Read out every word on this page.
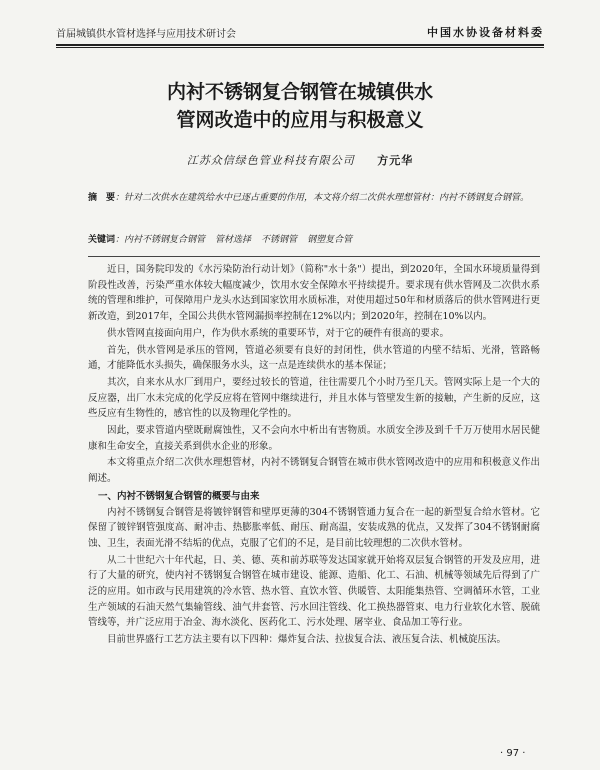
首届城镇供水管材选择与应用技术研讨会	中国水协设备材料委
内衬不锈钢复合钢管在城镇供水
管网改造中的应用与积极意义
江苏众信绿色管业科技有限公司 方元华
摘　要：针对二次供水在建筑给水中已逐占重要的作用，本文将介绍二次供水理想管材：内衬不锈钢复合钢管。
关键词：内衬不锈钢复合钢管 管材选择 不锈钢管 钢塑复合管

近日，国务院印发的《水污染防治行动计划》（简称"水十条"）提出，到2020年，全国水环境质量得到阶段性改善，污染严重水体较大幅度减少，饮用水安全保障水平持续提升。要求现有供水管网及二次供水系统的管理和维护，可保障用户龙头水达到国家饮用水质标准，对使用超过50年和材质落后的供水管网进行更新改造，到2017年，全国公共供水管网漏损率控制在12%以内；到2020年，控制在10%以内。

供水管网直接面向用户，作为供水系统的重要环节，对于它的硬件有很高的要求。

首先，供水管网是承压的管网，管道必须要有良好的封闭性，供水管道的内壁不结垢、光滑，管路畅通，才能降低水头损失，确保服务水头，这一点是连续供水的基本保证；

其次，自来水从水厂到用户，要经过较长的管道，往往需要几个小时乃至几天。管网实际上是一个大的反应器，出厂水未完成的化学反应将在管网中继续进行，并且水体与管壁发生新的接触，产生新的反应，这些反应有生物性的，感官性的以及物理化学性的。

因此，要求管道内壁既耐腐蚀性，又不会向水中析出有害物质。水质安全涉及到千千万万使用水居民健康和生命安全，直接关系到供水企业的形象。

本文将重点介绍二次供水理想管材，内衬不锈钢复合钢管在城市供水管网改造中的应用和积极意义作出阐述。

一、内衬不锈钢复合钢管的概要与由来

内衬不锈钢复合钢管是将镀锌钢管和壁厚更薄的304不锈钢管通力复合在一起的新型复合给水管材。它保留了镀锌钢管强度高、耐冲击、热膨胀率低、耐压、耐高温，安装成熟的优点，又发挥了304不锈钢耐腐蚀、卫生，表面光滑不结垢的优点，克服了它们的不足，是目前比较理想的二次供水管材。

从二十世纪六十年代起，日、美、德、英和前苏联等发达国家就开始将双层复合钢管的开发及应用，进行了大量的研究，使内衬不锈钢复合钢管在城市建设、能源、造船、化工、石油、机械等领域先后得到了广泛的应用。如市政与民用建筑的冷水管、热水管、直饮水管、供暖管、太阳能集热管、空调循环水管，工业生产领域的石油天然气集输管线、油气井套管、污水回注管线、化工换热器管束、电力行业软化水管、脱硫管线等，并广泛应用于冶金、海水淡化、医药化工、污水处理、屠宰业、食品加工等行业。

目前世界盛行工艺方法主要有以下四种：爆炸复合法、拉拔复合法、液压复合法、机械旋压法。

· 97 ·
